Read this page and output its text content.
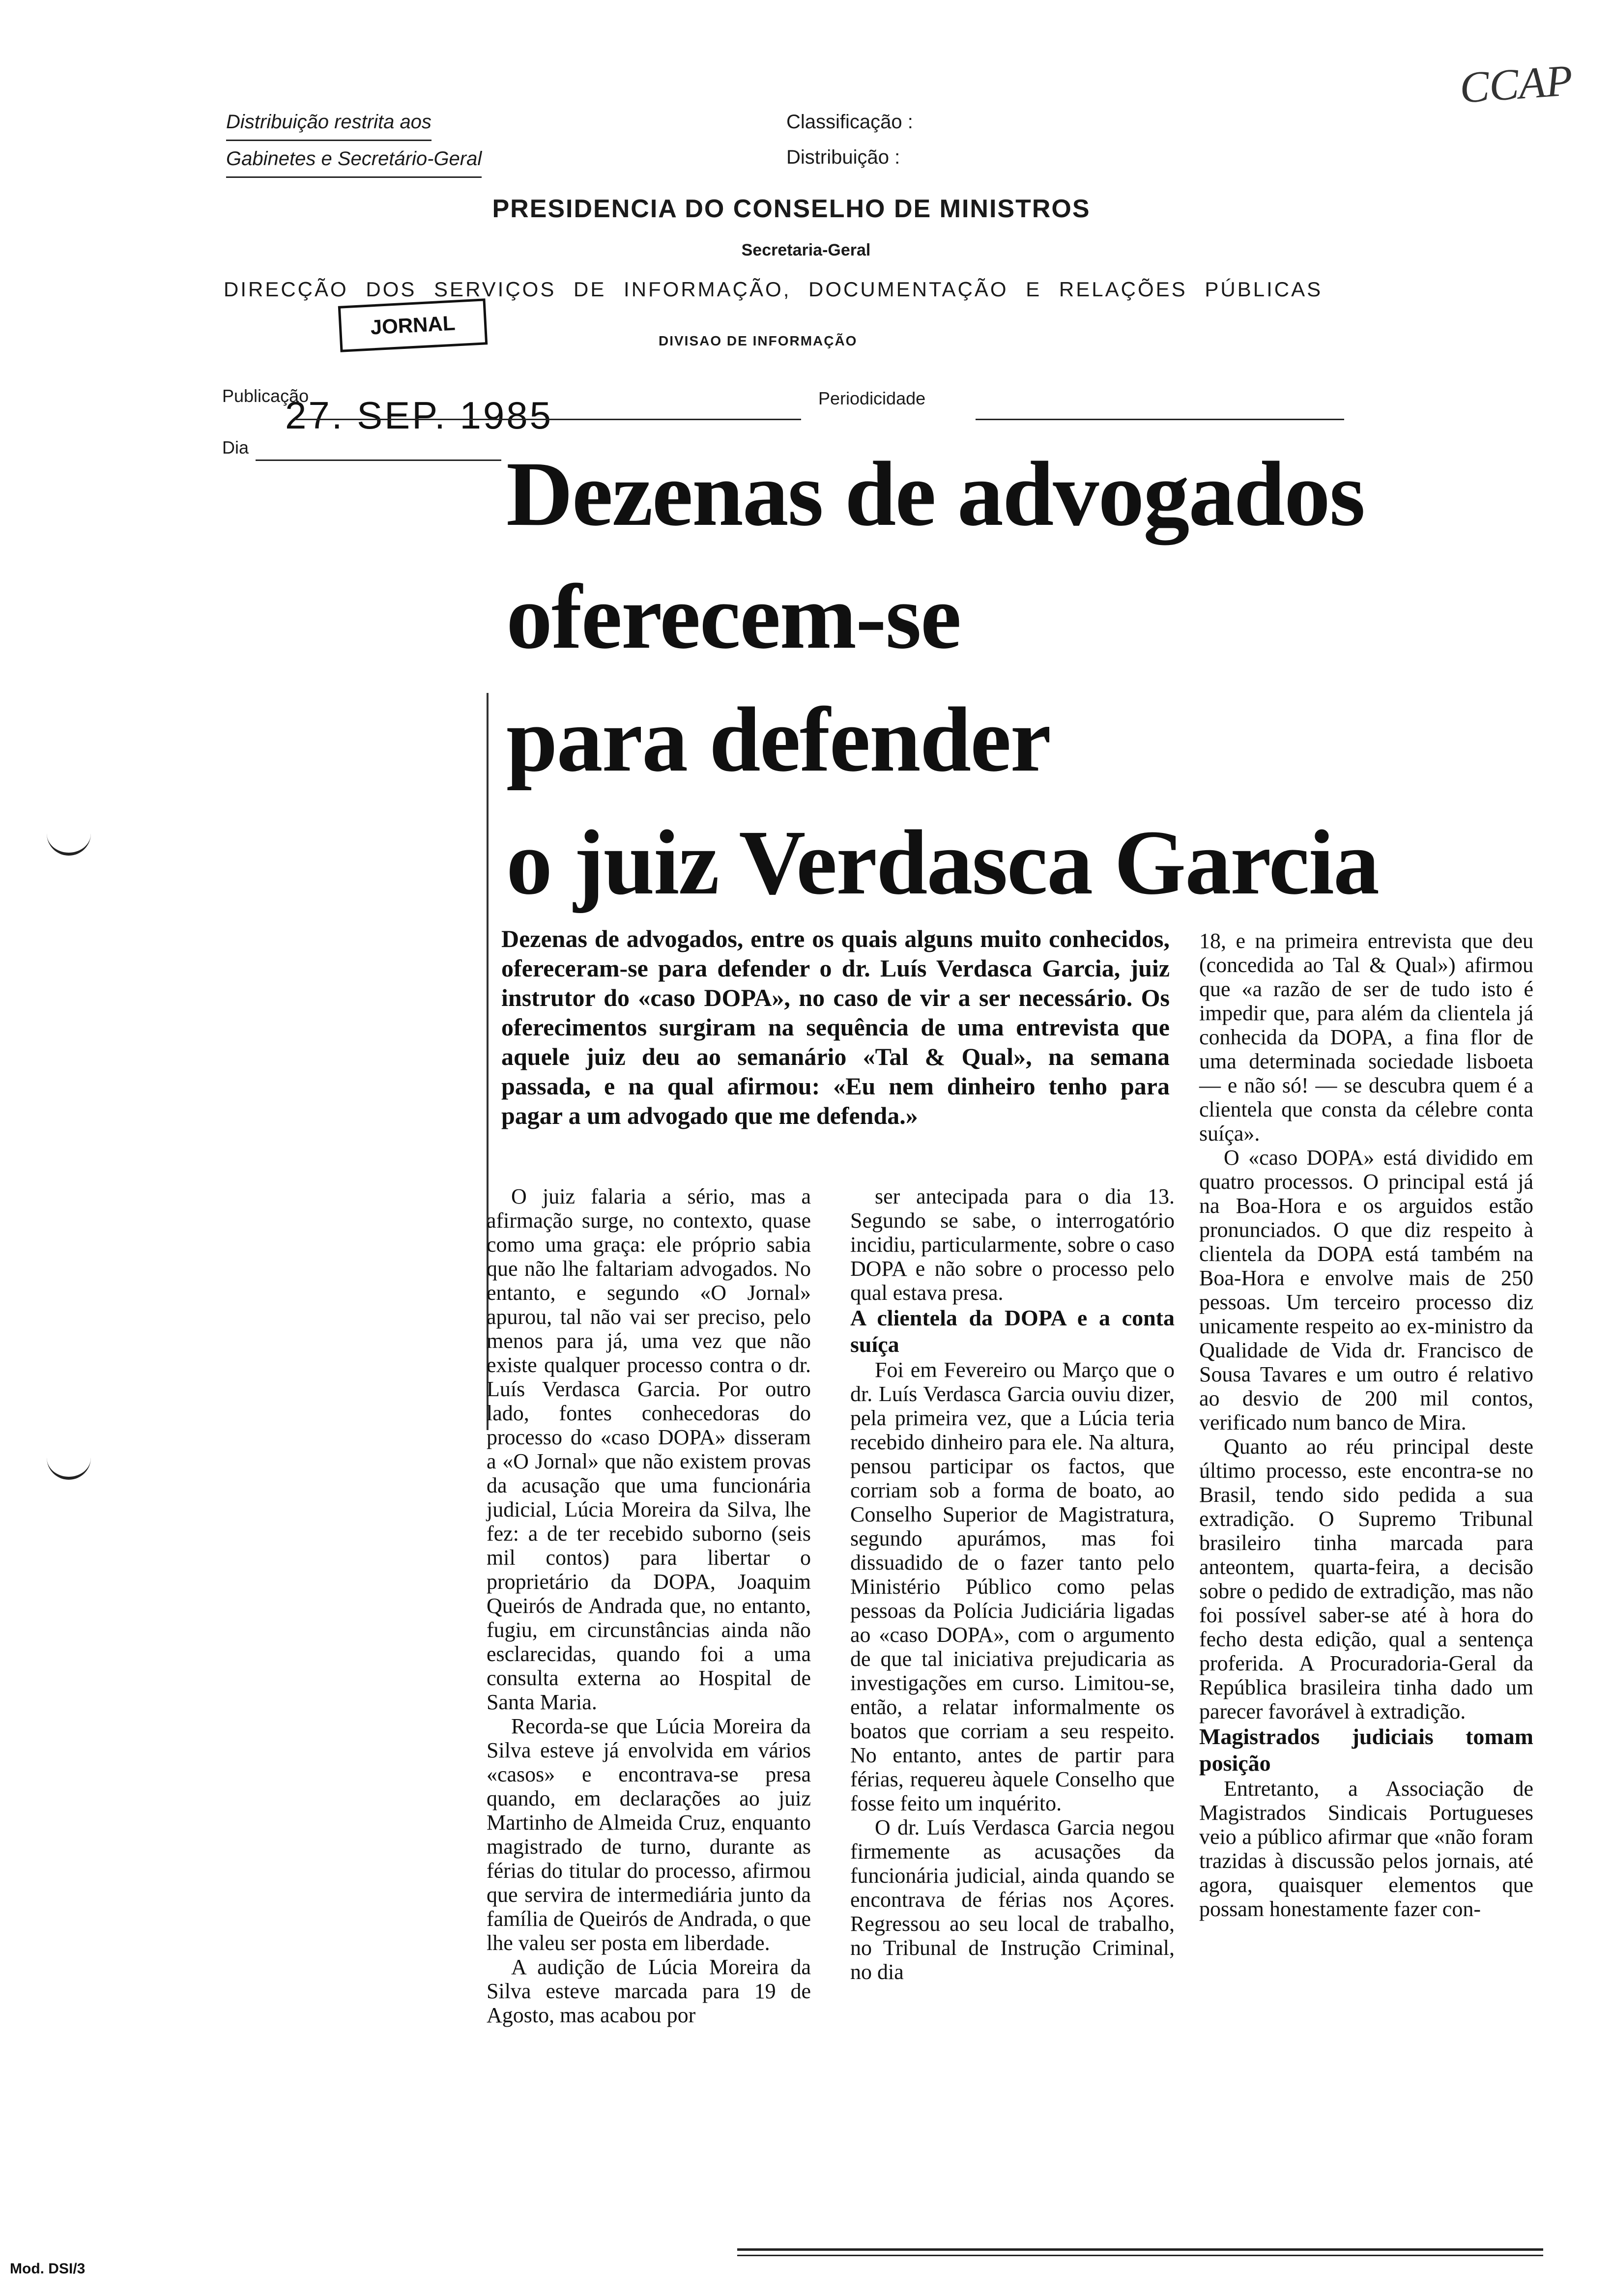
Distribuição restrita aos
Gabinetes e Secretário-Geral
Classificação :
Distribuição :
PRESIDENCIA DO CONSELHO DE MINISTROS
Secretaria-Geral
DIRECÇÃO DOS SERVIÇOS DE INFORMAÇÃO, DOCUMENTAÇÃO E RELAÇÕES PÚBLICAS
DIVISAO DE INFORMAÇÃO
JORNAL
Publicação
27. SEP. 1985	Periodicidade
Dia
CCAP
Dezenas de advogados
oferecem-se
para defender
o juiz Verdasca Garcia
Dezenas de advogados, entre os quais alguns muito conhecidos, ofereceram-se para defender o dr. Luís Verdasca Garcia, juiz instrutor do «caso DOPA», no caso de vir a ser necessário. Os oferecimentos surgiram na sequência de uma entrevista que aquele juiz deu ao semanário «Tal & Qual», na semana passada, e na qual afirmou: «Eu nem dinheiro tenho para pagar a um advogado que me defenda.»

O juiz falaria a sério, mas a afirmação surge, no contexto, quase como uma graça: ele próprio sabia que não lhe faltariam advogados. No entanto, e segundo «O Jornal» apurou, tal não vai ser preciso, pelo menos para já, uma vez que não existe qualquer processo contra o dr. Luís Verdasca Garcia. Por outro lado, fontes conhecedoras do processo do «caso DOPA» disseram a «O Jornal» que não existem provas da acusação que uma funcionária judicial, Lúcia Moreira da Silva, lhe fez: a de ter recebido suborno (seis mil contos) para libertar o proprietário da DOPA, Joaquim Queirós de Andrada que, no entanto, fugiu, em circunstâncias ainda não esclarecidas, quando foi a uma consulta externa ao Hospital de Santa Maria.

Recorda-se que Lúcia Moreira da Silva esteve já envolvida em vários «casos» e encontrava-se presa quando, em declarações ao juiz Martinho de Almeida Cruz, enquanto magistrado de turno, durante as férias do titular do processo, afirmou que servira de intermediária junto da família de Queirós de Andrada, o que lhe valeu ser posta em liberdade.

A audição de Lúcia Moreira da Silva esteve marcada para 19 de Agosto, mas acabou por

ser antecipada para o dia 13. Segundo se sabe, o interrogatório incidiu, particularmente, sobre o caso DOPA e não sobre o processo pelo qual estava presa.

A clientela da DOPA e a conta suíça

Foi em Fevereiro ou Março que o dr. Luís Verdasca Garcia ouviu dizer, pela primeira vez, que a Lúcia teria recebido dinheiro para ele. Na altura, pensou participar os factos, que corriam sob a forma de boato, ao Conselho Superior de Magistratura, segundo apurámos, mas foi dissuadido de o fazer tanto pelo Ministério Público como pelas pessoas da Polícia Judiciária ligadas ao «caso DOPA», com o argumento de que tal iniciativa prejudicaria as investigações em curso. Limitou-se, então, a relatar informalmente os boatos que corriam a seu respeito. No entanto, antes de partir para férias, requereu àquele Conselho que fosse feito um inquérito.

O dr. Luís Verdasca Garcia negou firmemente as acusações da funcionária judicial, ainda quando se encontrava de férias nos Açores. Regressou ao seu local de trabalho, no Tribunal de Instrução Criminal, no dia

18, e na primeira entrevista que deu (concedida ao Tal & Qual») afirmou que «a razão de ser de tudo isto é impedir que, para além da clientela já conhecida da DOPA, a fina flor de uma determinada sociedade lisboeta — e não só! — se descubra quem é a clientela que consta da célebre conta suíça».

O «caso DOPA» está dividido em quatro processos. O principal está já na Boa-Hora e os arguidos estão pronunciados. O que diz respeito à clientela da DOPA está também na Boa-Hora e envolve mais de 250 pessoas. Um terceiro processo diz unicamente respeito ao ex-ministro da Qualidade de Vida dr. Francisco de Sousa Tavares e um outro é relativo ao desvio de 200 mil contos, verificado num banco de Mira.

Quanto ao réu principal deste último processo, este encontra-se no Brasil, tendo sido pedida a sua extradição. O Supremo Tribunal brasileiro tinha marcada para anteontem, quarta-feira, a decisão sobre o pedido de extradição, mas não foi possível saber-se até à hora do fecho desta edição, qual a sentença proferida. A Procuradoria-Geral da República brasileira tinha dado um parecer favorável à extradição.

Magistrados judiciais tomam posição

Entretanto, a Associação de Magistrados Sindicais Portugueses veio a público afirmar que «não foram trazidas à discussão pelos jornais, até agora, quaisquer elementos que possam honestamente fazer con-

Mod. DSI/3
